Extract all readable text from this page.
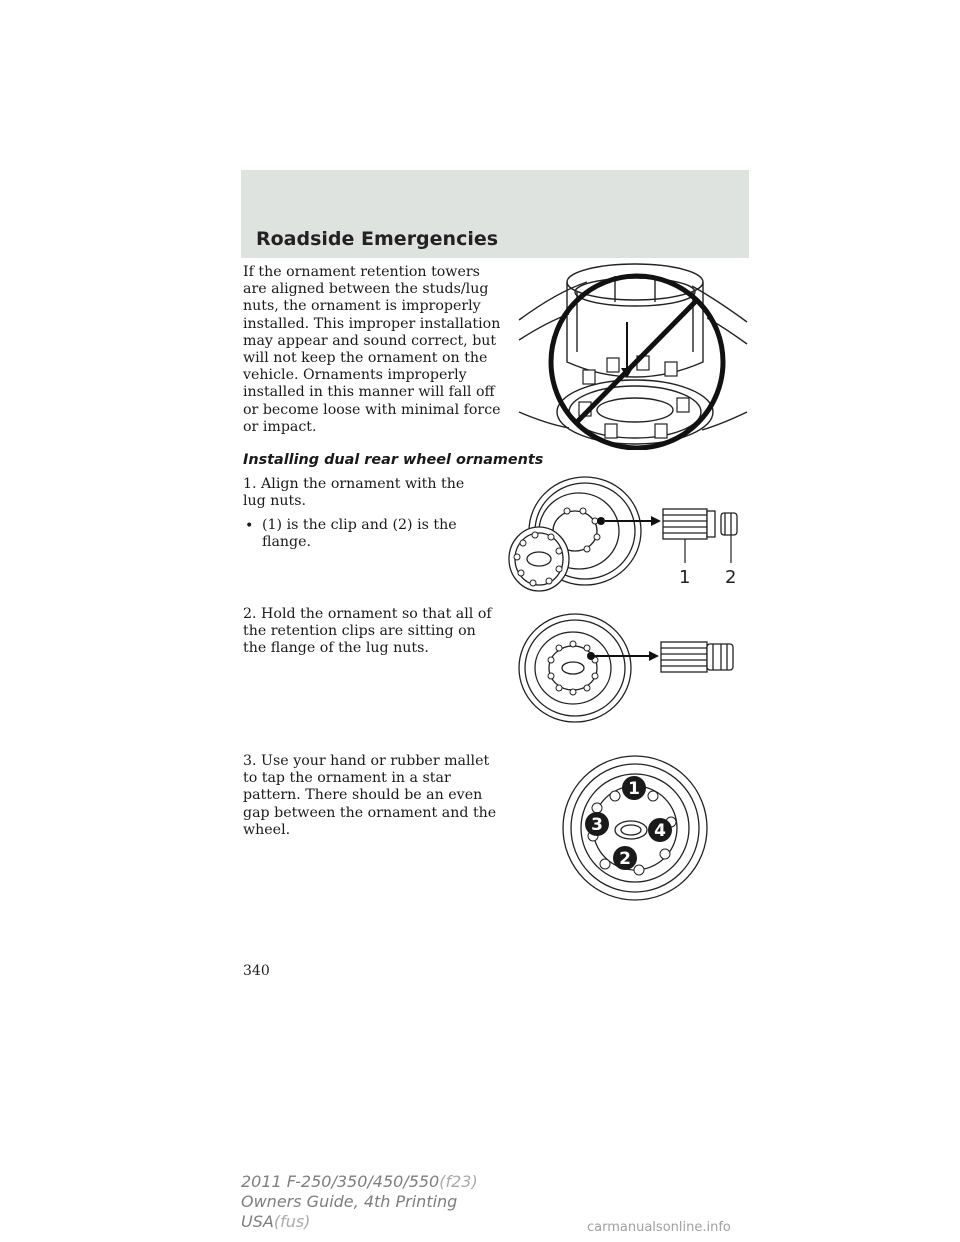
Roadside Emergencies
If the ornament retention towers are aligned between the studs/lug nuts, the ornament is improperly installed. This improper installation may appear and sound correct, but will not keep the ornament on the vehicle. Ornaments improperly installed in this manner will fall off or become loose with minimal force or impact.
Installing dual rear wheel ornaments
1. Align the ornament with the lug nuts.
• (1) is the clip and (2) is the flange.
1 2
2. Hold the ornament so that all of the retention clips are sitting on the flange of the lug nuts.
3. Use your hand or rubber mallet to tap the ornament in a star pattern. There should be an even gap between the ornament and the wheel.
1
4
3
2
340
2011 F-250/350/450/550(f23)
Owners Guide, 4th Printing
USA(fus)	carmanualsonline.info
